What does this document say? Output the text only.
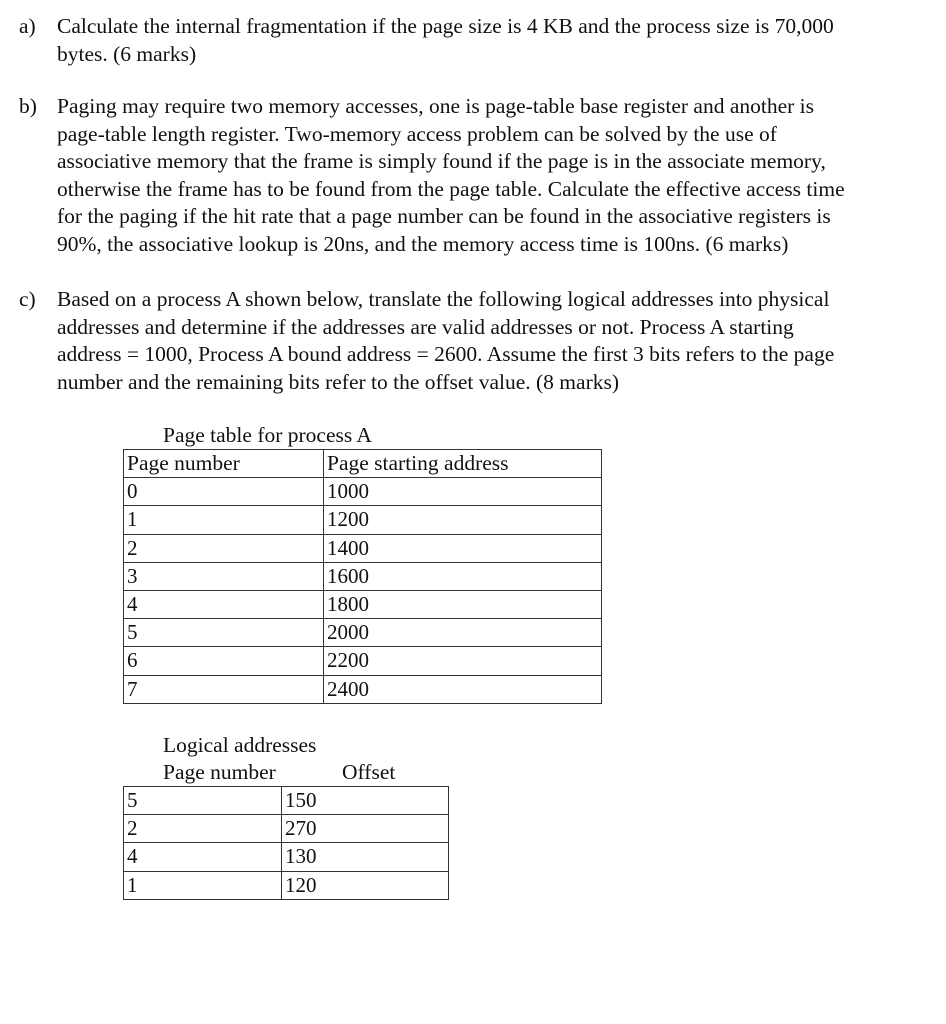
a) Calculate the internal fragmentation if the page size is 4 KB and the process size is 70,000
bytes. (6 marks)
b) Paging may require two memory accesses, one is page-table base register and another is
page-table length register. Two-memory access problem can be solved by the use of
associative memory that the frame is simply found if the page is in the associate memory,
otherwise the frame has to be found from the page table. Calculate the effective access time
for the paging if the hit rate that a page number can be found in the associative registers is
90%, the associative lookup is 20ns, and the memory access time is 100ns. (6 marks)
c) Based on a process A shown below, translate the following logical addresses into physical
addresses and determine if the addresses are valid addresses or not. Process A starting
address = 1000, Process A bound address = 2600. Assume the first 3 bits refers to the page
number and the remaining bits refer to the offset value. (8 marks)
Page table for process A
Page number	Page starting address
0	1000
1	1200
2	1400
3	1600
4	1800
5	2000
6	2200
7	2400
Logical addresses
Page number	Offset
5	150
2	270
4	130
1	120
